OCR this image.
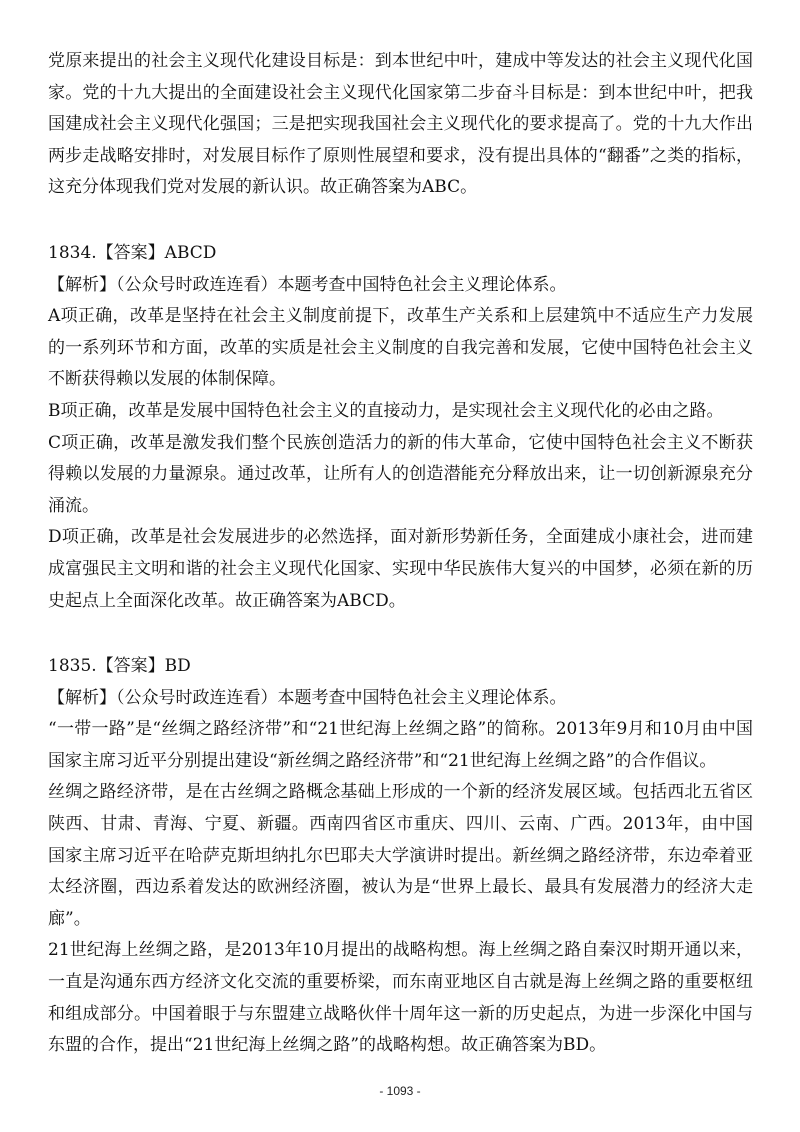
党原来提出的社会主义现代化建设目标是：到本世纪中叶，建成中等发达的社会主义现代化国家。党的十九大提出的全面建设社会主义现代化国家第二步奋斗目标是：到本世纪中叶，把我国建成社会主义现代化强国；三是把实现我国社会主义现代化的要求提高了。党的十九大作出两步走战略安排时，对发展目标作了原则性展望和要求，没有提出具体的“翻番”之类的指标，这充分体现我们党对发展的新认识。故正确答案为ABC。

1834.【答案】ABCD

【解析】（公众号时政连连看）本题考查中国特色社会主义理论体系。

A项正确，改革是坚持在社会主义制度前提下，改革生产关系和上层建筑中不适应生产力发展的一系列环节和方面，改革的实质是社会主义制度的自我完善和发展，它使中国特色社会主义不断获得赖以发展的体制保障。

B项正确，改革是发展中国特色社会主义的直接动力，是实现社会主义现代化的必由之路。

C项正确，改革是激发我们整个民族创造活力的新的伟大革命，它使中国特色社会主义不断获得赖以发展的力量源泉。通过改革，让所有人的创造潜能充分释放出来，让一切创新源泉充分涌流。

D项正确，改革是社会发展进步的必然选择，面对新形势新任务，全面建成小康社会，进而建成富强民主文明和谐的社会主义现代化国家、实现中华民族伟大复兴的中国梦，必须在新的历史起点上全面深化改革。故正确答案为ABCD。

1835.【答案】BD

【解析】（公众号时政连连看）本题考查中国特色社会主义理论体系。

“一带一路”是“丝绸之路经济带”和“21世纪海上丝绸之路”的简称。2013年9月和10月由中国国家主席习近平分别提出建设“新丝绸之路经济带”和“21世纪海上丝绸之路”的合作倡议。

丝绸之路经济带，是在古丝绸之路概念基础上形成的一个新的经济发展区域。包括西北五省区陕西、甘肃、青海、宁夏、新疆。西南四省区市重庆、四川、云南、广西。2013年，由中国国家主席习近平在哈萨克斯坦纳扎尔巴耶夫大学演讲时提出。新丝绸之路经济带，东边牵着亚太经济圈，西边系着发达的欧洲经济圈，被认为是“世界上最长、最具有发展潜力的经济大走廊”。

21世纪海上丝绸之路，是2013年10月提出的战略构想。海上丝绸之路自秦汉时期开通以来，一直是沟通东西方经济文化交流的重要桥梁，而东南亚地区自古就是海上丝绸之路的重要枢纽和组成部分。中国着眼于与东盟建立战略伙伴十周年这一新的历史起点，为进一步深化中国与东盟的合作，提出“21世纪海上丝绸之路”的战略构想。故正确答案为BD。

- 1093 -
